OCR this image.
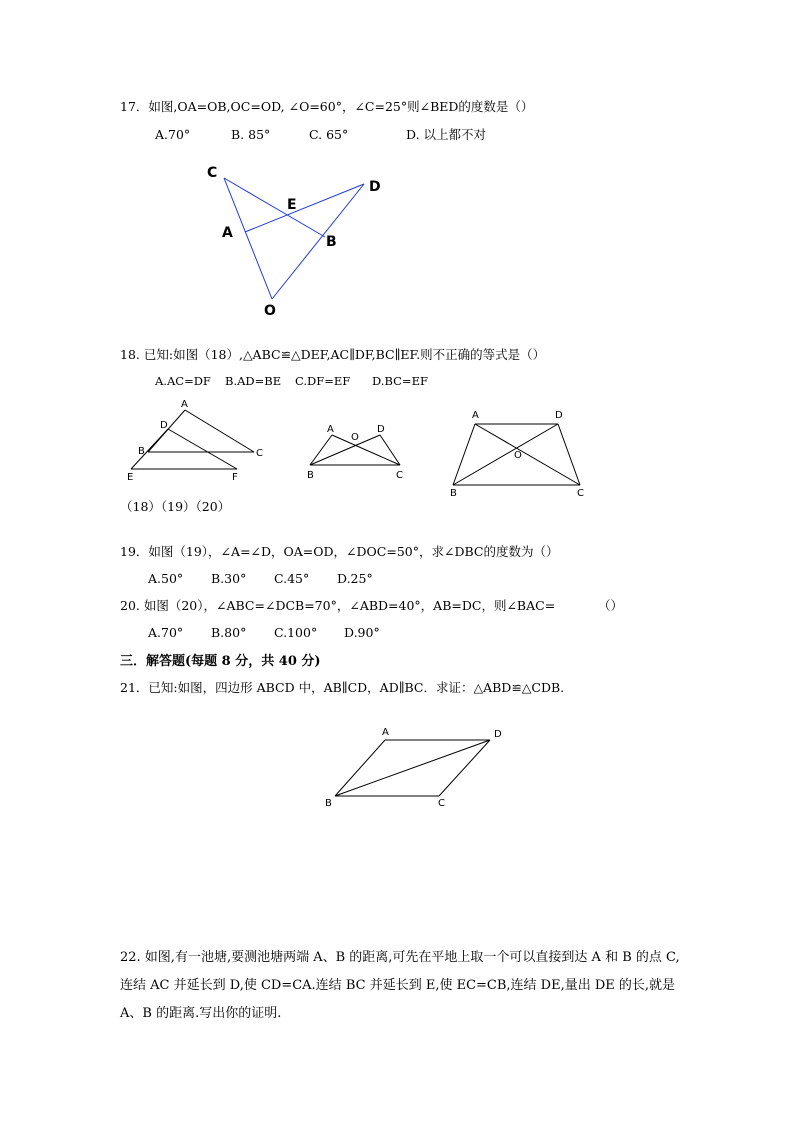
17．如图,OA=OB,OC=OD, ∠O=60°，∠C=25°则∠BED的度数是（）
A.70°	B. 85°	C. 65°	D. 以上都不对
C
D
E
A
B
O
18. 已知:如图（18）,△ABC≌△DEF,AC∥DF,BC∥EF.则不正确的等式是（）
A.AC=DF B.AD=BE C.DF=EF D.BC=EF
A
D
B	C
E	F
A
O
D
B	C
A	D
O
B	C
（18）（19）（20）
19．如图（19），∠A=∠D，OA=OD，∠DOC=50°，求∠DBC的度数为（）
A.50° B.30° C.45° D.25°
20. 如图（20），∠ABC=∠DCB=70°，∠ABD=40°，AB=DC，则∠BAC=	（）
A.70° B.80° C.100° D.90°
三．解答题(每题 8 分，共 40 分)
21．已知:如图，四边形 ABCD 中，AB∥CD，AD∥BC．求证：△ABD≌△CDB.
A	D
B	C
22. 如图,有一池塘,要测池塘两端 A、B 的距离,可先在平地上取一个可以直接到达 A 和 B 的点 C,连结 AC 并延长到 D,使 CD=CA.连结 BC 并延长到 E,使 EC=CB,连结 DE,量出 DE 的长,就是 A、B 的距离.写出你的证明.
